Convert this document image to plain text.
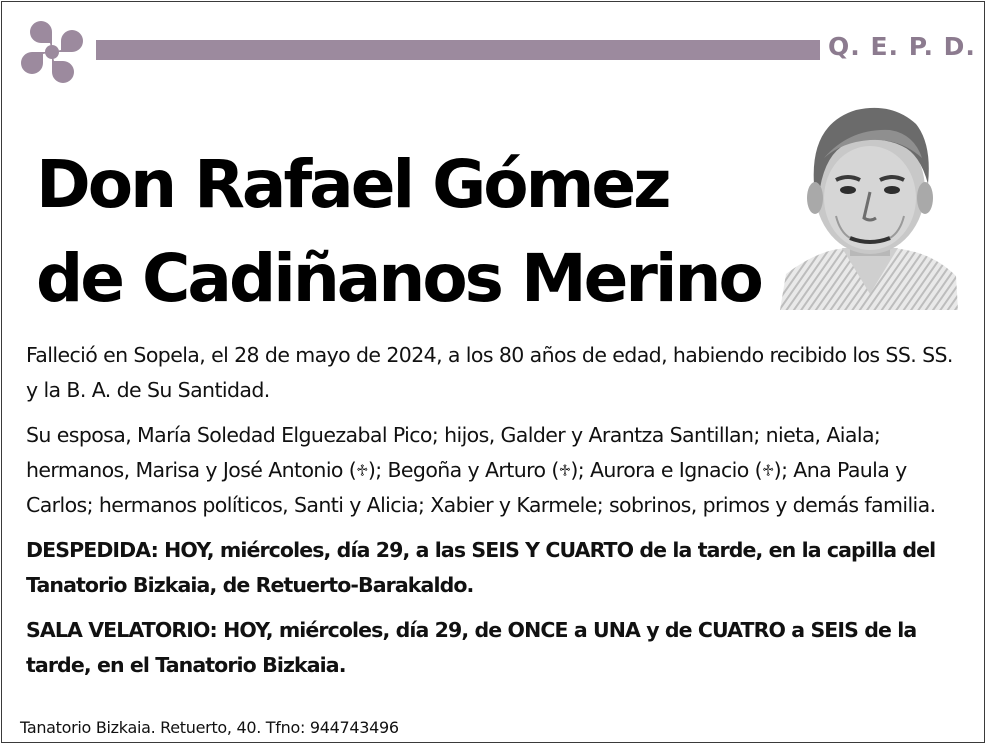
Q. E. P. D.
Don Rafael Gómez
de Cadiñanos Merino

Falleció en Sopela, el 28 de mayo de 2024, a los 80 años de edad, habiendo recibido los SS. SS. y la B. A. de Su Santidad.

Su esposa, María Soledad Elguezabal Pico; hijos, Galder y Arantza Santillan; nieta, Aiala; hermanos, Marisa y José Antonio (♱); Begoña y Arturo (♱); Aurora e Ignacio (♱); Ana Paula y Carlos; hermanos políticos, Santi y Alicia; Xabier y Karmele; sobrinos, primos y demás familia.

DESPEDIDA: HOY, miércoles, día 29, a las SEIS Y CUARTO de la tarde, en la capilla del Tanatorio Bizkaia, de Retuerto-Barakaldo.

SALA VELATORIO: HOY, miércoles, día 29, de ONCE a UNA y de CUATRO a SEIS de la tarde, en el Tanatorio Bizkaia.

Tanatorio Bizkaia. Retuerto, 40. Tfno: 944743496
